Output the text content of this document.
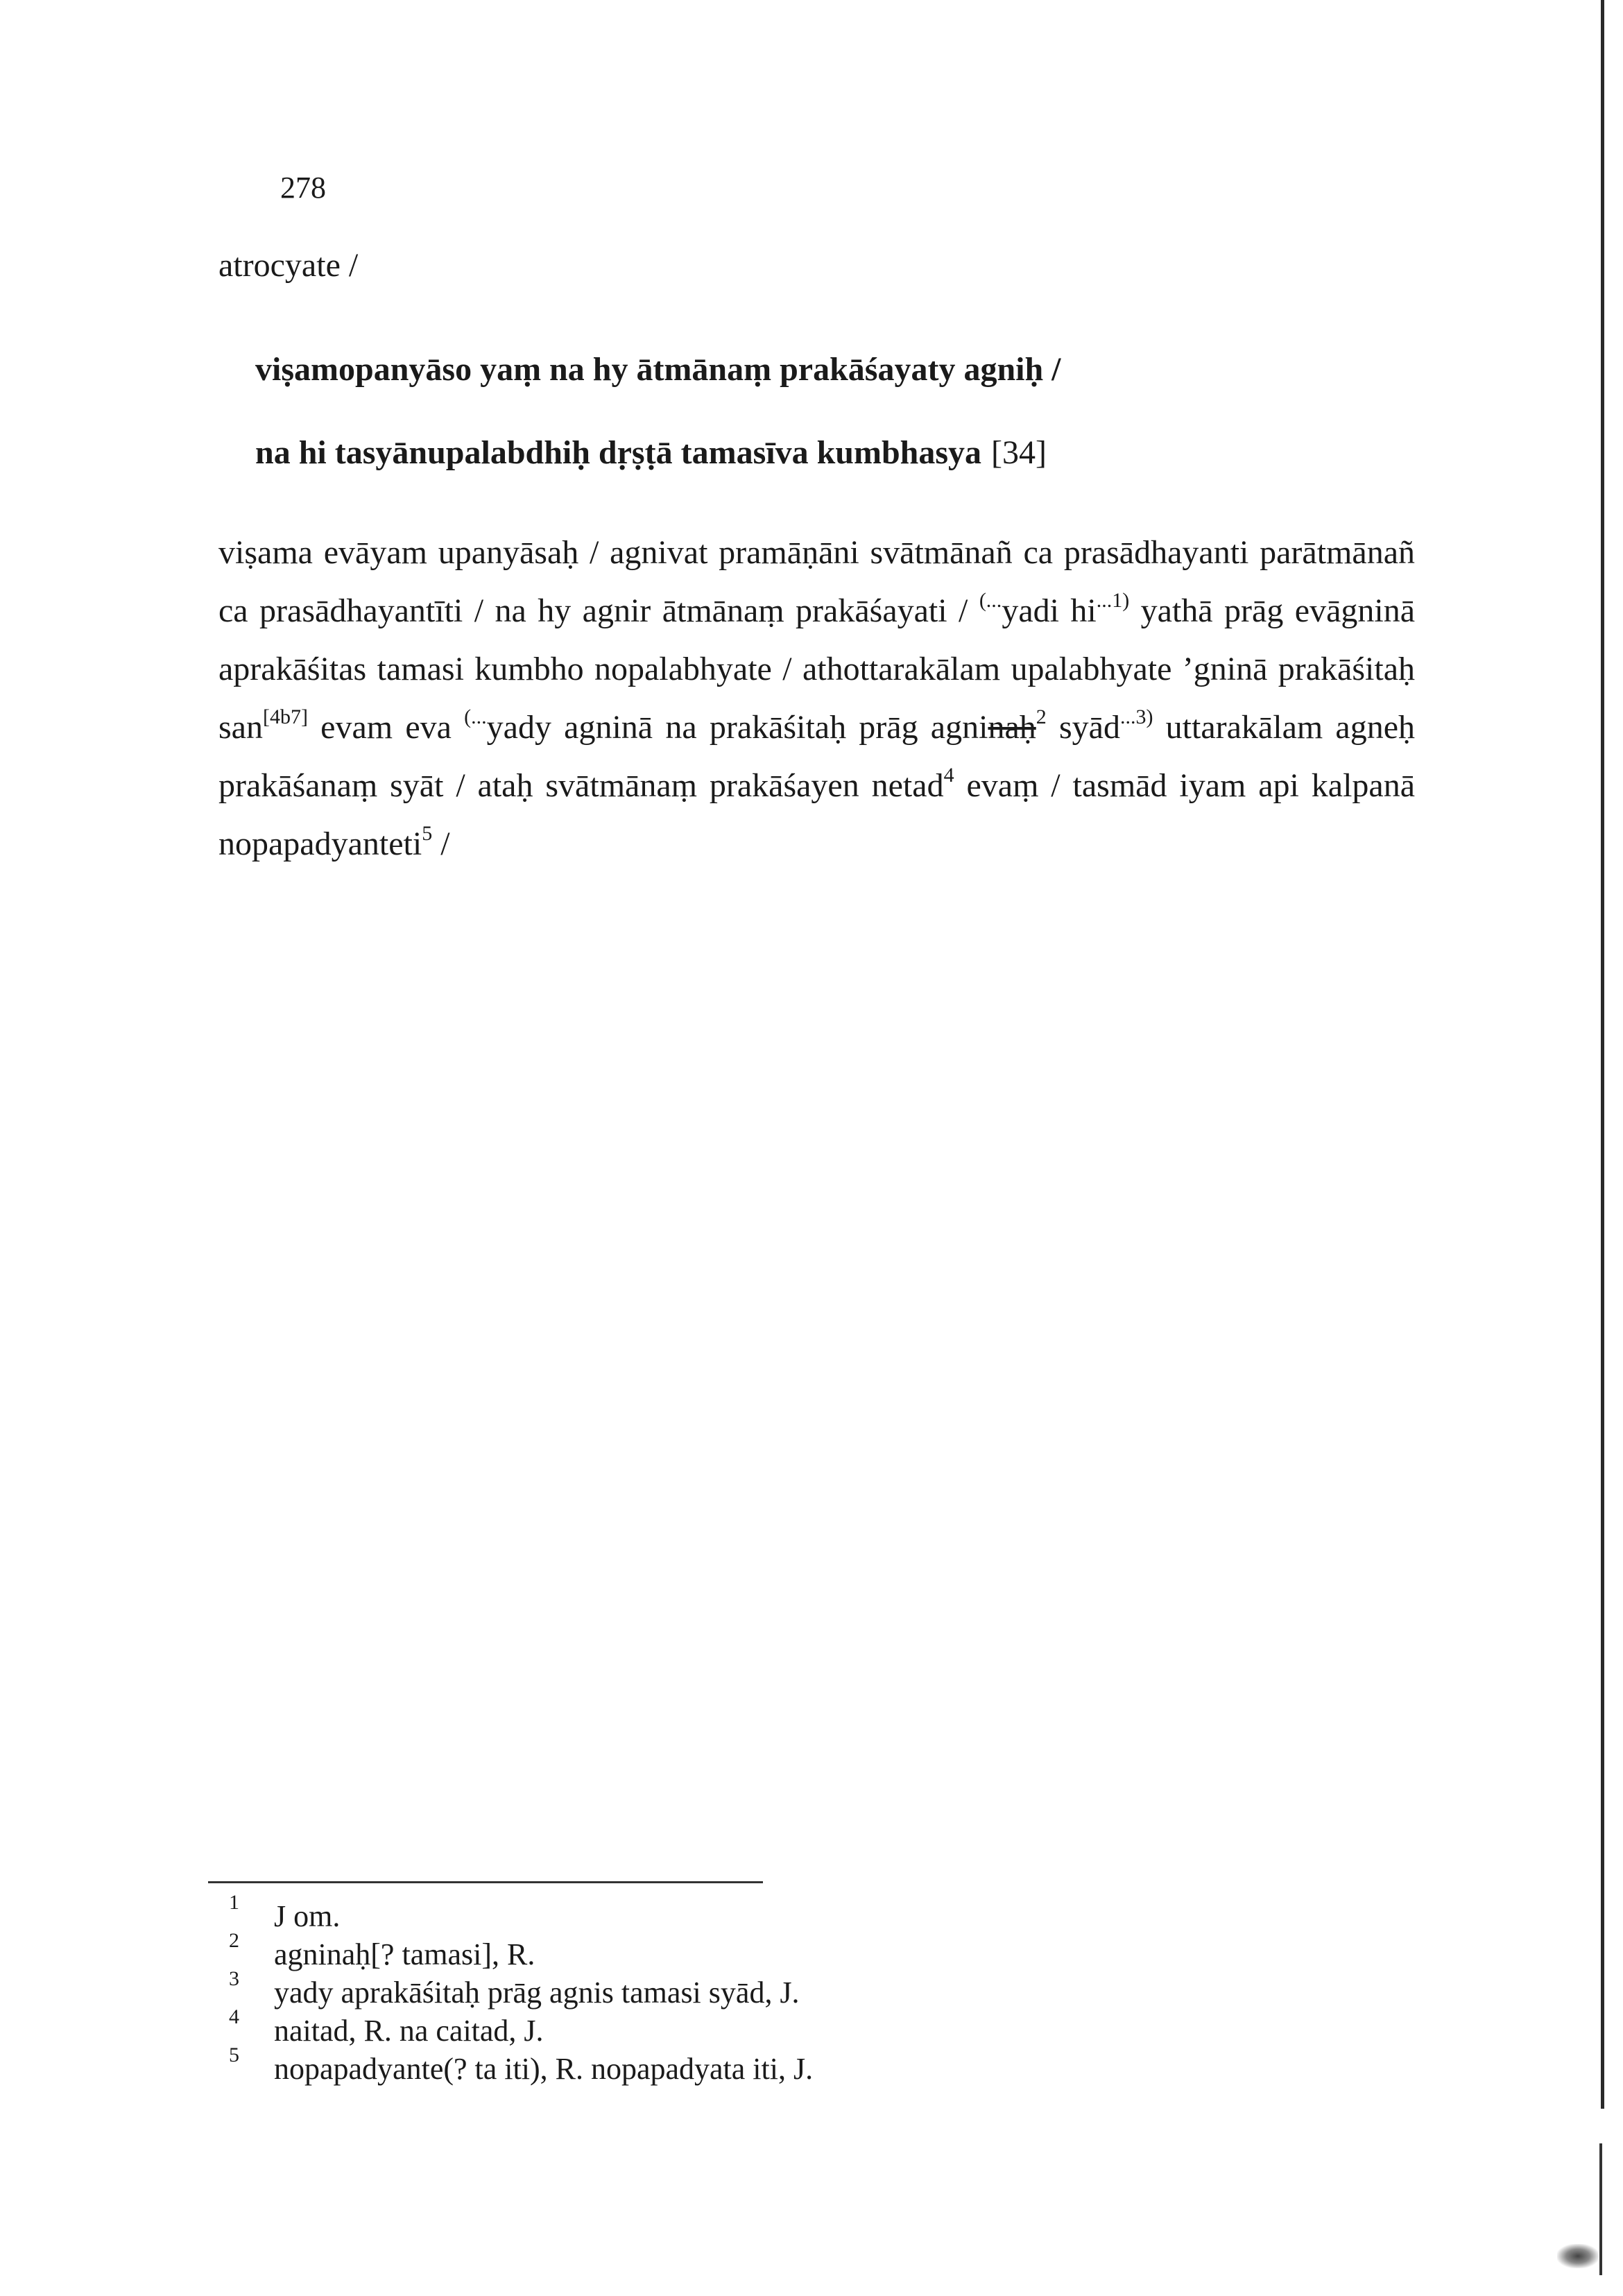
278
atrocyate /
viṣamopanyāso yaṃ na hy ātmānaṃ prakāśayaty agniḥ /
na hi tasyānupalabdhiḥ dṛṣṭā tamasīva kumbhasya [34]
viṣama evāyam upanyāsaḥ / agnivat pramāṇāni svātmānañ ca prasādhayanti parātmānañ ca prasādhayantīti / na hy agnir ātmānaṃ prakāśayati / (...yadi $hi^{...1)}$ yathā prāg evāgninā aprakāśitas tamasi kumbho nopalabhyate / athottarakālam upalabhyate ’gninā prakāśitaḥ san[4b7] evam eva (...yady agninā na prakāśitaḥ prāg agninaḥ$^2$ syād$^{...3)}$ uttarakālam agneḥ prakāśanaṃ syāt / ataḥ svātmānaṃ prakāśayen netad$^4$ evaṃ / tasmād iyam api kalpanā nopapadyanteti$^5$ /
1 J om.
2 agninaḥ[? tamasi], R.
3 yady aprakāśitaḥ prāg agnis tamasi syād, J.
4 naitad, R. na caitad, J.
5 nopapadyante(? ta iti), R. nopapadyata iti, J.
